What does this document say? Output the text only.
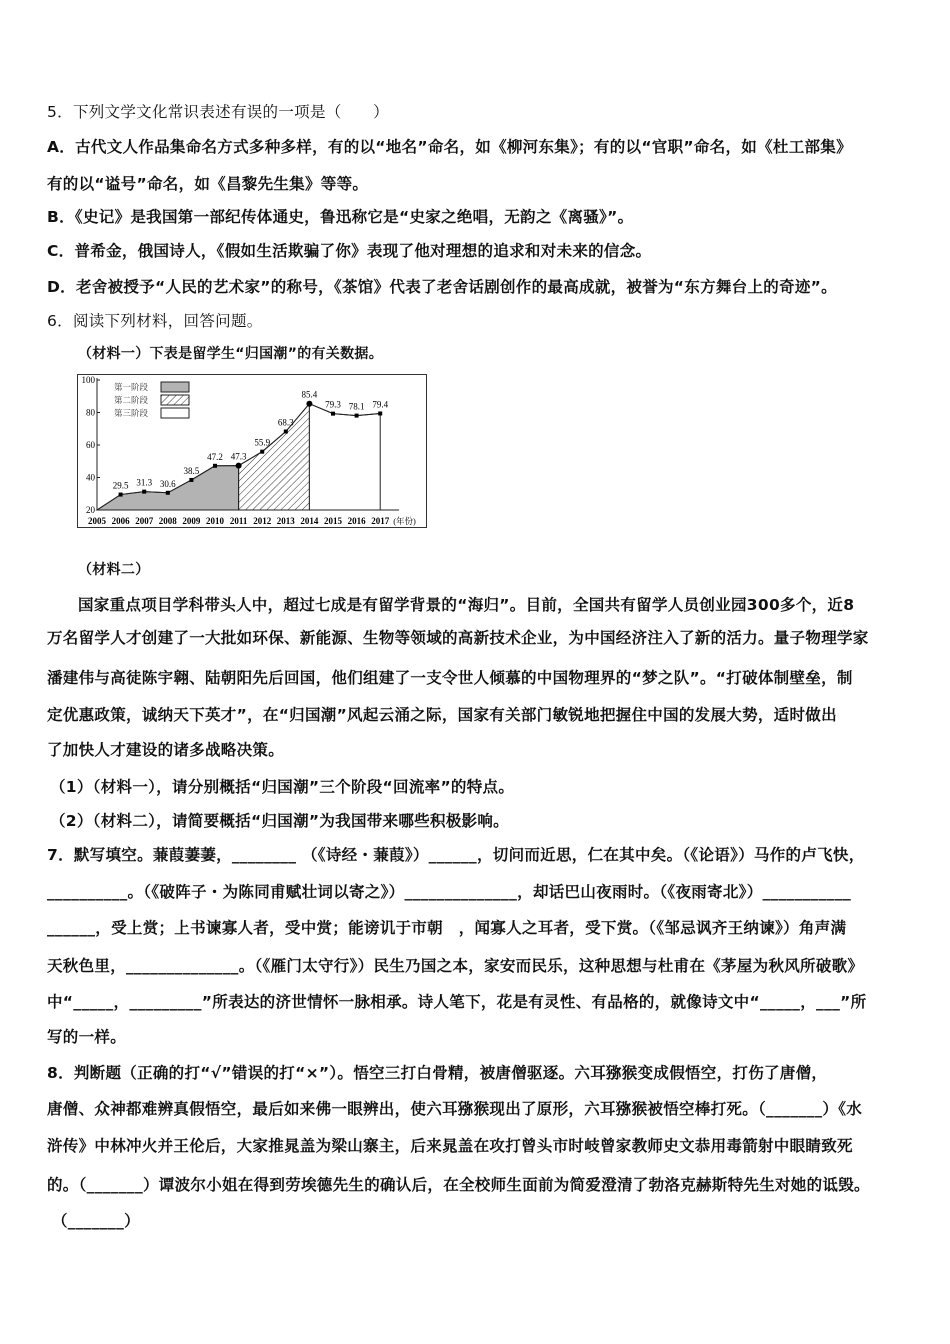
5．下列文学文化常识表述有误的一项是（　　）
A．古代文人作品集命名方式多种多样，有的以“地名”命名，如《柳河东集》；有的以“官职”命名，如《杜工部集》
有的以“谥号”命名，如《昌黎先生集》等等。
B．《史记》是我国第一部纪传体通史，鲁迅称它是“史家之绝唱，无韵之《离骚》”。
C．普希金，俄国诗人，《假如生活欺骗了你》表现了他对理想的追求和对未来的信念。
D．老舍被授予“人民的艺术家”的称号，《茶馆》代表了老舍话剧创作的最高成就，被誉为“东方舞台上的奇迹”。
6．阅读下列材料，回答问题。
（材料一）下表是留学生“归国潮”的有关数据。
20
40
60
80
100
2005 2006 2007 2008 2009 2010 2011 2012 2013 2014 2015 2016 2017 (年份)
29.5 31.3 30.6
38.5
47.2 47.3
55.9
68.3
85.4
79.3 78.1 79.4
第一阶段
第二阶段
第三阶段
（材料二）
国家重点项目学科带头人中，超过七成是有留学背景的“海归”。目前，全国共有留学人员创业园300多个，近8
万名留学人才创建了一大批如环保、新能源、生物等领域的高新技术企业，为中国经济注入了新的活力。量子物理学家
潘建伟与高徒陈宇翱、陆朝阳先后回国，他们组建了一支令世人倾慕的中国物理界的“梦之队”。“打破体制壁垒，制
定优惠政策，诚纳天下英才”，在“归国潮”风起云涌之际，国家有关部门敏锐地把握住中国的发展大势，适时做出
了加快人才建设的诸多战略决策。
（1）（材料一），请分别概括“归国潮”三个阶段“回流率”的特点。
（2）（材料二），请简要概括“归国潮”为我国带来哪些积极影响。
7．默写填空。蒹葭萋萋，________ （《诗经・蒹葭》）______，切问而近思，仁在其中矣。（《论语》）马作的卢飞快，
__________。（《破阵子・为陈同甫赋壮词以寄之》）______________，却话巴山夜雨时。（《夜雨寄北》）___________
______，受上赏；上书谏寡人者，受中赏；能谤讥于市朝　，闻寡人之耳者，受下赏。（《邹忌讽齐王纳谏》）角声满
天秋色里，______________。（《雁门太守行》）民生乃国之本，家安而民乐，这种思想与杜甫在《茅屋为秋风所破歌》
中“_____，_________”所表达的济世情怀一脉相承。诗人笔下，花是有灵性、有品格的，就像诗文中“_____，___”所
写的一样。
8．判断题（正确的打“√”错误的打“×”）。悟空三打白骨精，被唐僧驱逐。六耳猕猴变成假悟空，打伤了唐僧，
唐僧、众神都难辨真假悟空，最后如来佛一眼辨出，使六耳猕猴现出了原形，六耳猕猴被悟空棒打死。（_______）《水
浒传》中林冲火并王伦后，大家推晁盖为梁山寨主，后来晁盖在攻打曾头市时岐曾家教师史文恭用毒箭射中眼睛致死
的。（_______）谭波尔小姐在得到劳埃德先生的确认后，在全校师生面前为简爱澄清了勃洛克赫斯特先生对她的诋毁。
（_______）
